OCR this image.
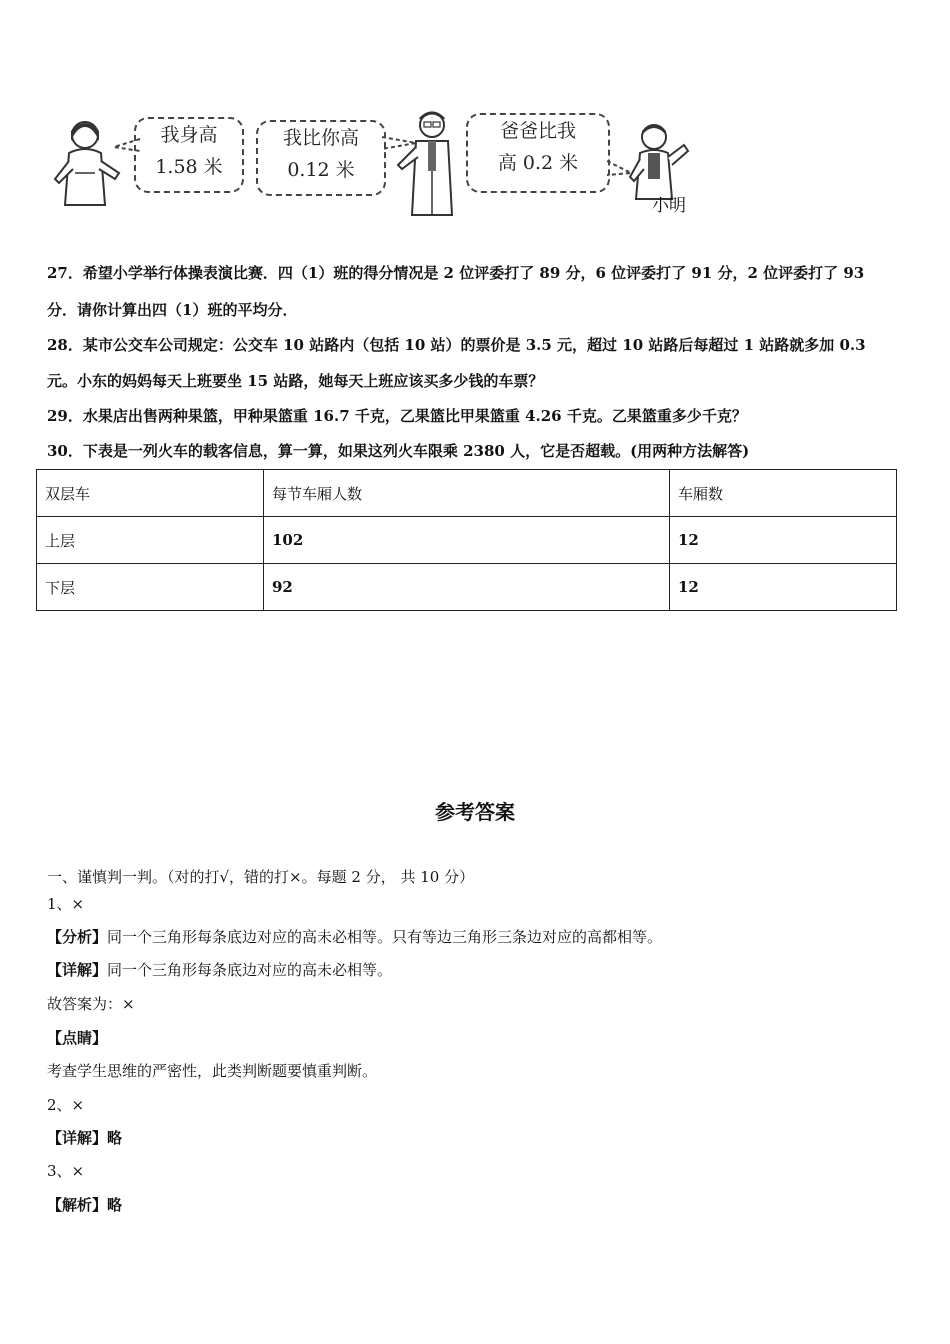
我身高
1.58 米
我比你高
0.12 米
爸爸比我
高 0.2 米
小明
27．希望小学举行体操表演比赛．四（1）班的得分情况是 2 位评委打了 89 分，6 位评委打了 91 分，2 位评委打了 93
分．请你计算出四（1）班的平均分．
28．某市公交车公司规定：公交车 10 站路内（包括 10 站）的票价是 3.5 元，超过 10 站路后每超过 1 站路就多加 0.3
元。小东的妈妈每天上班要坐 15 站路，她每天上班应该买多少钱的车票？
29．水果店出售两种果篮，甲种果篮重 16.7 千克，乙果篮比甲果篮重 4.26 千克。乙果篮重多少千克？
30．下表是一列火车的载客信息，算一算，如果这列火车限乘 2380 人，它是否超载。(用两种方法解答)
双层车	每节车厢人数	车厢数
上层	102	12
下层	92	12
参考答案
一、谨慎判一判。（对的打√，错的打×。每题 2 分， 共 10 分）
1、×
【分析】同一个三角形每条底边对应的高未必相等。只有等边三角形三条边对应的高都相等。
【详解】同一个三角形每条底边对应的高未必相等。
故答案为：×
【点睛】
考查学生思维的严密性，此类判断题要慎重判断。
2、×
【详解】略
3、×
【解析】略
